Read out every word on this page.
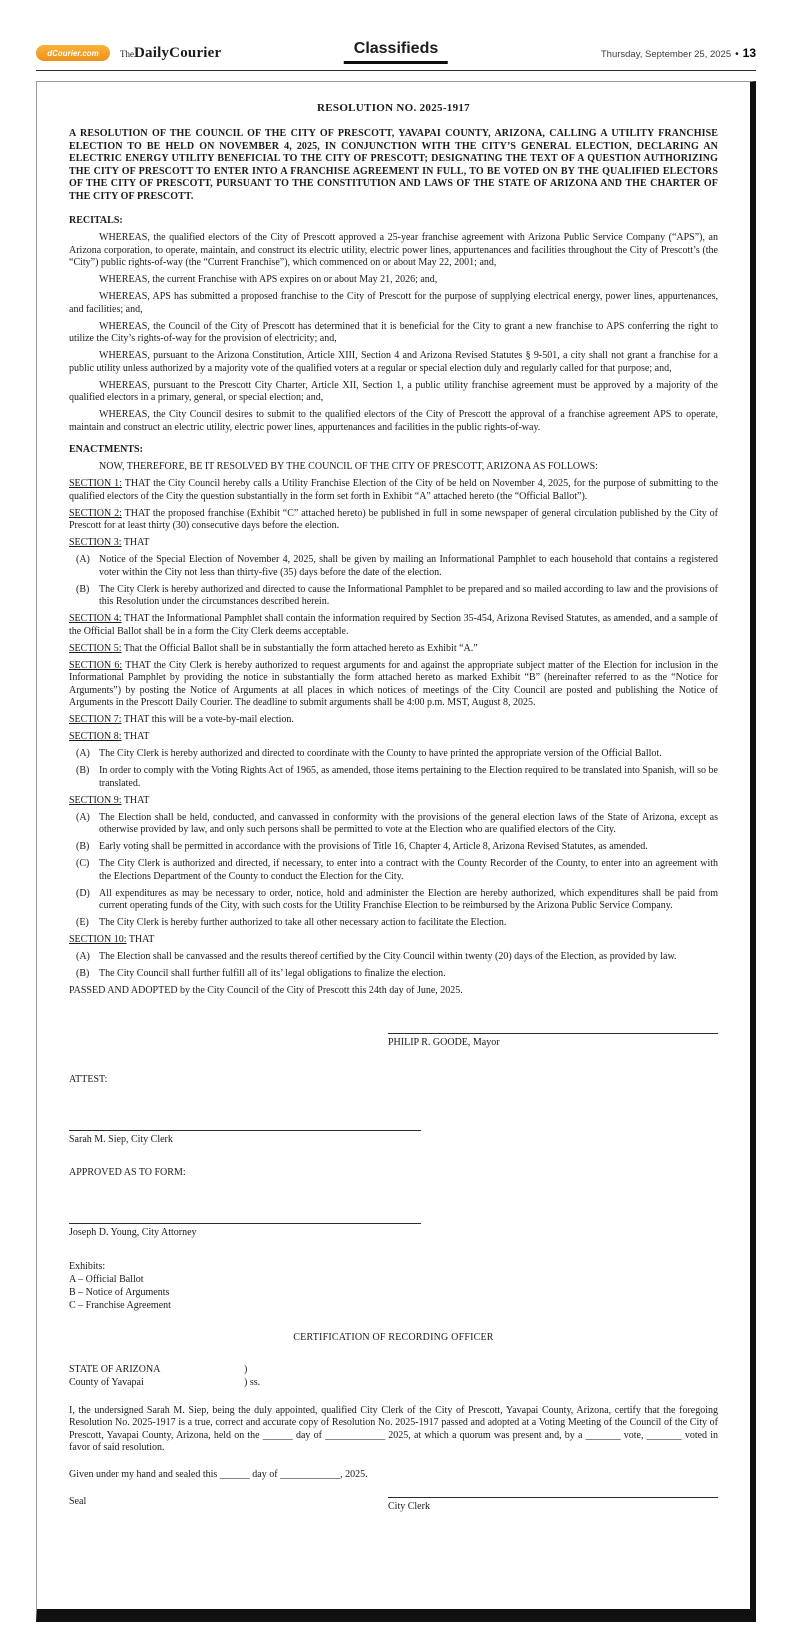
dCourier.com TheDailyCourier	Classifieds	Thursday, September 25, 2025 • 13
RESOLUTION NO. 2025-1917

A RESOLUTION OF THE COUNCIL OF THE CITY OF PRESCOTT, YAVAPAI COUNTY, ARIZONA, CALLING A UTILITY FRANCHISE ELECTION TO BE HELD ON NOVEMBER 4, 2025, IN CONJUNCTION WITH THE CITY’S GENERAL ELECTION, DECLARING AN ELECTRIC ENERGY UTILITY BENEFICIAL TO THE CITY OF PRESCOTT; DESIGNATING THE TEXT OF A QUESTION AUTHORIZING THE CITY OF PRESCOTT TO ENTER INTO A FRANCHISE AGREEMENT IN FULL, TO BE VOTED ON BY THE QUALIFIED ELECTORS OF THE CITY OF PRESCOTT, PURSUANT TO THE CONSTITUTION AND LAWS OF THE STATE OF ARIZONA AND THE CHARTER OF THE CITY OF PRESCOTT.

RECITALS:

WHEREAS, the qualified electors of the City of Prescott approved a 25-year franchise agreement with Arizona Public Service Company (“APS”), an Arizona corporation, to operate, maintain, and construct its electric utility, electric power lines, appurtenances and facilities throughout the City of Prescott’s (the “City”) public rights-of-way (the “Current Franchise”), which commenced on or about May 22, 2001; and,

WHEREAS, the current Franchise with APS expires on or about May 21, 2026; and,

WHEREAS, APS has submitted a proposed franchise to the City of Prescott for the purpose of supplying electrical energy, power lines, appurtenances, and facilities; and,

WHEREAS, the Council of the City of Prescott has determined that it is beneficial for the City to grant a new franchise to APS conferring the right to utilize the City’s rights-of-way for the provision of electricity; and,

WHEREAS, pursuant to the Arizona Constitution, Article XIII, Section 4 and Arizona Revised Statutes § 9-501, a city shall not grant a franchise for a public utility unless authorized by a majority vote of the qualified voters at a regular or special election duly and regularly called for that purpose; and,

WHEREAS, pursuant to the Prescott City Charter, Article XII, Section 1, a public utility franchise agreement must be approved by a majority of the qualified electors in a primary, general, or special election; and,

WHEREAS, the City Council desires to submit to the qualified electors of the City of Prescott the approval of a franchise agreement APS to operate, maintain and construct an electric utility, electric power lines, appurtenances and facilities in the public rights-of-way.

ENACTMENTS:

NOW, THEREFORE, BE IT RESOLVED BY THE COUNCIL OF THE CITY OF PRESCOTT, ARIZONA AS FOLLOWS:

SECTION 1: THAT the City Council hereby calls a Utility Franchise Election of the City of be held on November 4, 2025, for the purpose of submitting to the qualified electors of the City the question substantially in the form set forth in Exhibit “A” attached hereto (the “Official Ballot”).

SECTION 2: THAT the proposed franchise (Exhibit “C” attached hereto) be published in full in some newspaper of general circulation published by the City of Prescott for at least thirty (30) consecutive days before the election.

SECTION 3: THAT

(A) Notice of the Special Election of November 4, 2025, shall be given by mailing an Informational Pamphlet to each household that contains a registered voter within the City not less than thirty-five (35) days before the date of the election.
(B) The City Clerk is hereby authorized and directed to cause the Informational Pamphlet to be prepared and so mailed according to law and the provisions of this Resolution under the circumstances described herein.

SECTION 4: THAT the Informational Pamphlet shall contain the information required by Section 35-454, Arizona Revised Statutes, as amended, and a sample of the Official Ballot shall be in a form the City Clerk deems acceptable.

SECTION 5: That the Official Ballot shall be in substantially the form attached hereto as Exhibit “A.”

SECTION 6: THAT the City Clerk is hereby authorized to request arguments for and against the appropriate subject matter of the Election for inclusion in the Informational Pamphlet by providing the notice in substantially the form attached hereto as marked Exhibit “B” (hereinafter referred to as the “Notice for Arguments”) by posting the Notice of Arguments at all places in which notices of meetings of the City Council are posted and publishing the Notice of Arguments in the Prescott Daily Courier. The deadline to submit arguments shall be 4:00 p.m. MST, August 8, 2025.

SECTION 7: THAT this will be a vote-by-mail election.

SECTION 8: THAT

(A) The City Clerk is hereby authorized and directed to coordinate with the County to have printed the appropriate version of the Official Ballot.
(B) In order to comply with the Voting Rights Act of 1965, as amended, those items pertaining to the Election required to be translated into Spanish, will so be translated.

SECTION 9: THAT

(A) The Election shall be held, conducted, and canvassed in conformity with the provisions of the general election laws of the State of Arizona, except as otherwise provided by law, and only such persons shall be permitted to vote at the Election who are qualified electors of the City.
(B) Early voting shall be permitted in accordance with the provisions of Title 16, Chapter 4, Article 8, Arizona Revised Statutes, as amended.
(C) The City Clerk is authorized and directed, if necessary, to enter into a contract with the County Recorder of the County, to enter into an agreement with the Elections Department of the County to conduct the Election for the City.
(D) All expenditures as may be necessary to order, notice, hold and administer the Election are hereby authorized, which expenditures shall be paid from current operating funds of the City, with such costs for the Utility Franchise Election to be reimbursed by the Arizona Public Service Company.
(E) The City Clerk is hereby further authorized to take all other necessary action to facilitate the Election.

SECTION 10: THAT

(A) The Election shall be canvassed and the results thereof certified by the City Council within twenty (20) days of the Election, as provided by law.
(B) The City Council shall further fulfill all of its’ legal obligations to finalize the election.

PASSED AND ADOPTED by the City Council of the City of Prescott this 24th day of June, 2025.

PHILIP R. GOODE, Mayor
ATTEST:
Sarah M. Siep, City Clerk
APPROVED AS TO FORM:
Joseph D. Young, City Attorney
Exhibits:
A – Official Ballot
B – Notice of Arguments
C – Franchise Agreement
CERTIFICATION OF RECORDING OFFICER
STATE OF ARIZONA	)
County of Yavapai	) ss.

I, the undersigned Sarah M. Siep, being the duly appointed, qualified City Clerk of the City of Prescott, Yavapai County, Arizona, certify that the foregoing Resolution No. 2025-1917 is a true, correct and accurate copy of Resolution No. 2025-1917 passed and adopted at a Voting Meeting of the Council of the City of Prescott, Yavapai County, Arizona, held on the ______ day of ____________ 2025, at which a quorum was present and, by a _______ vote, _______ voted in favor of said resolution.

Given under my hand and sealed this ______ day of ____________, 2025.
Seal	City Clerk
